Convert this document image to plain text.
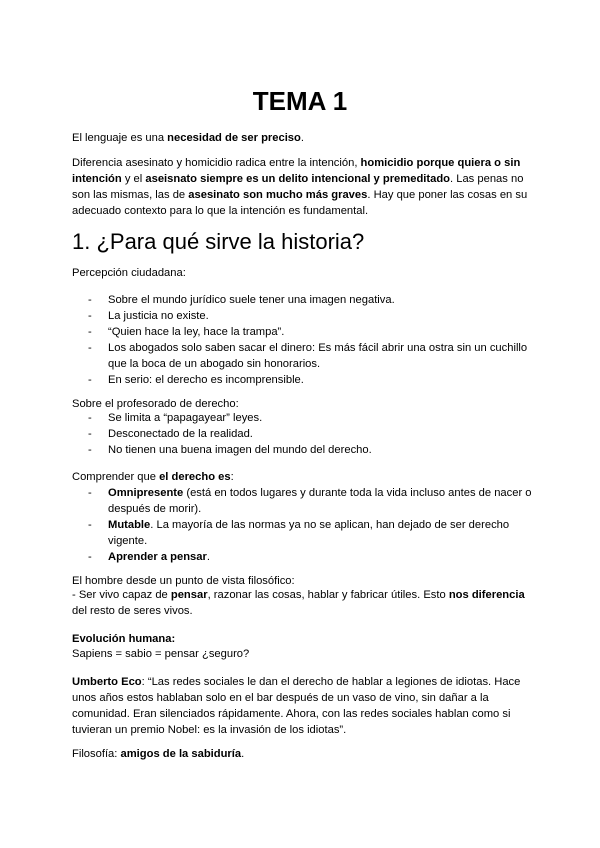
TEMA 1

El lenguaje es una necesidad de ser preciso.

Diferencia asesinato y homicidio radica entre la intención, homicidio porque quiera o sin intención y el aseisnato siempre es un delito intencional y premeditado. Las penas no son las mismas, las de asesinato son mucho más graves. Hay que poner las cosas en su adecuado contexto para lo que la intención es fundamental.

1. ¿Para qué sirve la historia?

Percepción ciudadana:

- Sobre el mundo jurídico suele tener una imagen negativa.
- La justicia no existe.
- “Quien hace la ley, hace la trampa”.
- Los abogados solo saben sacar el dinero: Es más fácil abrir una ostra sin un cuchillo que la boca de un abogado sin honorarios.
- En serio: el derecho es incomprensible.

Sobre el profesorado de derecho:

- Se limita a “papagayear” leyes.
- Desconectado de la realidad.
- No tienen una buena imagen del mundo del derecho.

Comprender que el derecho es:

- Omnipresente (está en todos lugares y durante toda la vida incluso antes de nacer o después de morir).
- Mutable. La mayoría de las normas ya no se aplican, han dejado de ser derecho vigente.
- Aprender a pensar.

El hombre desde un punto de vista filosófico:

- Ser vivo capaz de pensar, razonar las cosas, hablar y fabricar útiles. Esto nos diferencia del resto de seres vivos.

Evolución humana:

Sapiens = sabio = pensar ¿seguro?

Umberto Eco: “Las redes sociales le dan el derecho de hablar a legiones de idiotas. Hace unos años estos hablaban solo en el bar después de un vaso de vino, sin dañar a la comunidad. Eran silenciados rápidamente. Ahora, con las redes sociales hablan como si tuvieran un premio Nobel: es la invasión de los idiotas”.

Filosofía: amigos de la sabiduría.
